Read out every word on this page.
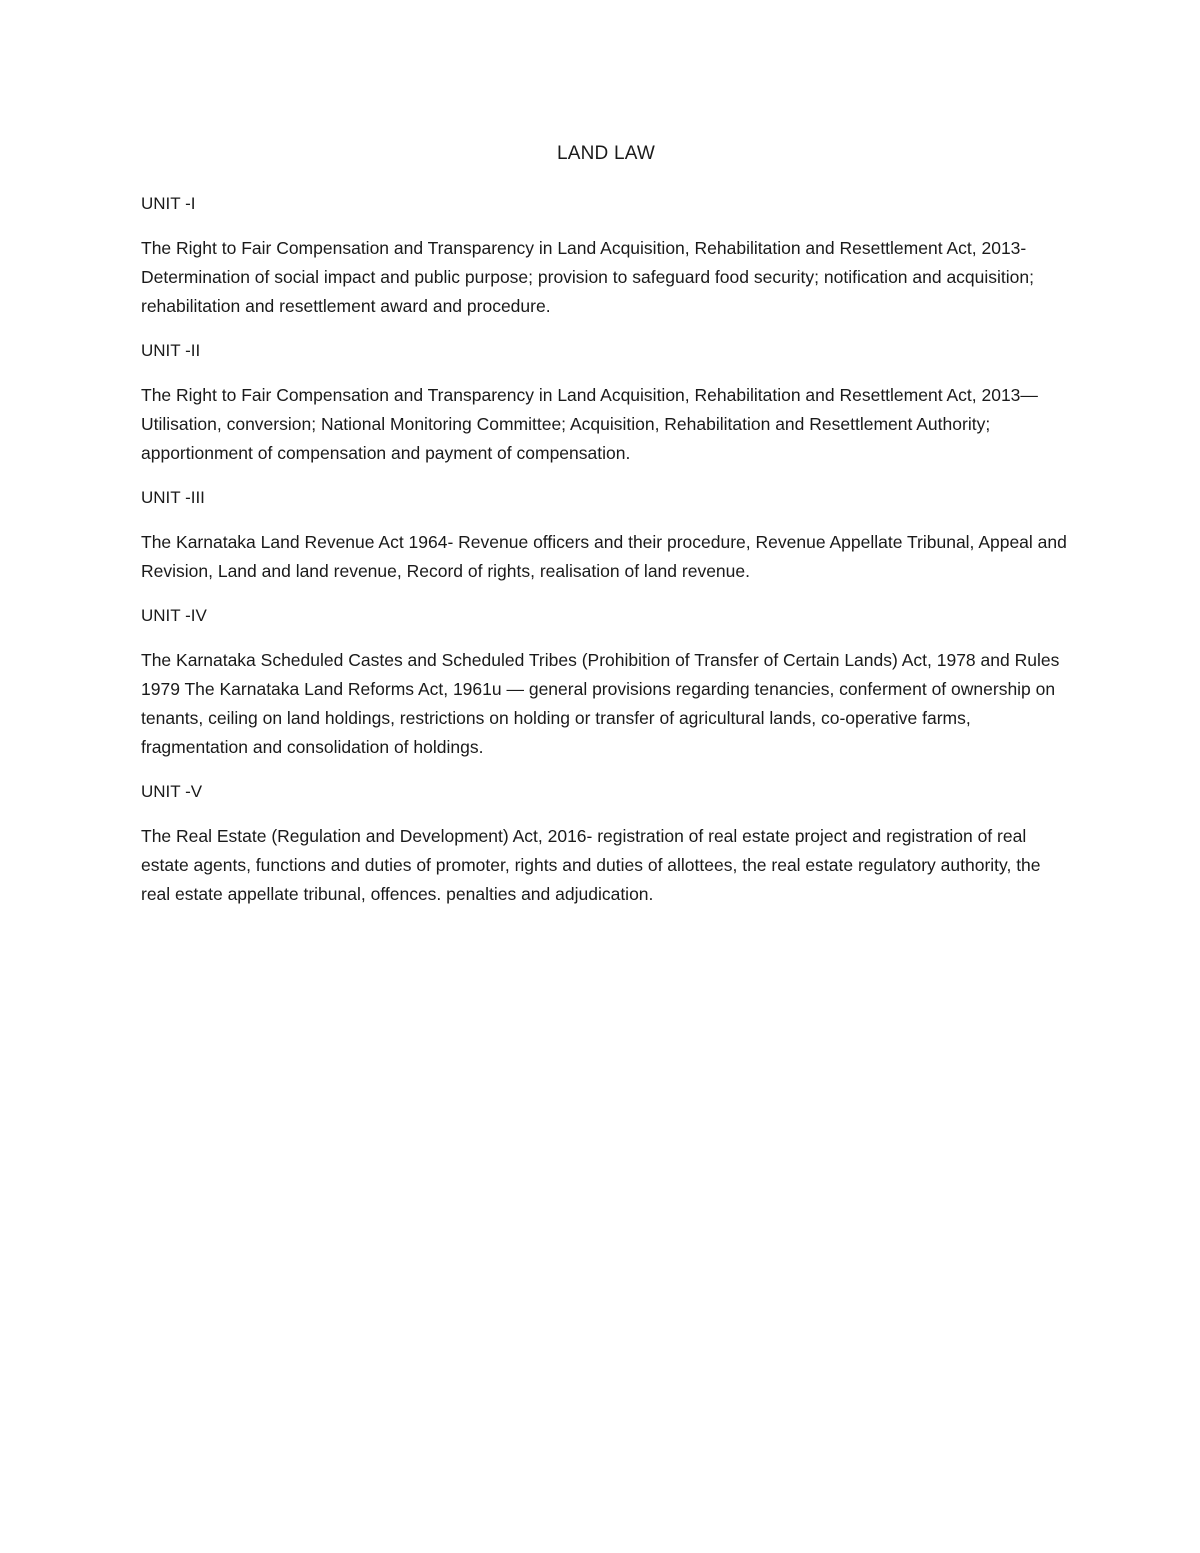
LAND LAW

UNIT -I

The Right to Fair Compensation and Transparency in Land Acquisition, Rehabilitation and Resettlement Act, 2013- Determination of social impact and public purpose; provision to safeguard food security; notification and acquisition; rehabilitation and resettlement award and procedure.

UNIT -II

The Right to Fair Compensation and Transparency in Land Acquisition, Rehabilitation and Resettlement Act, 2013—Utilisation, conversion; National Monitoring Committee; Acquisition, Rehabilitation and Resettlement Authority; apportionment of compensation and payment of compensation.

UNIT -III

The Karnataka Land Revenue Act 1964- Revenue officers and their procedure, Revenue Appellate Tribunal, Appeal and Revision, Land and land revenue, Record of rights, realisation of land revenue.

UNIT -IV

The Karnataka Scheduled Castes and Scheduled Tribes (Prohibition of Transfer of Certain Lands) Act, 1978 and Rules 1979 The Karnataka Land Reforms Act, 1961u — general provisions regarding tenancies, conferment of ownership on tenants, ceiling on land holdings, restrictions on holding or transfer of agricultural lands, co-operative farms, fragmentation and consolidation of holdings.

UNIT -V

The Real Estate (Regulation and Development) Act, 2016- registration of real estate project and registration of real estate agents, functions and duties of promoter, rights and duties of allottees, the real estate regulatory authority, the real estate appellate tribunal, offences. penalties and adjudication.
